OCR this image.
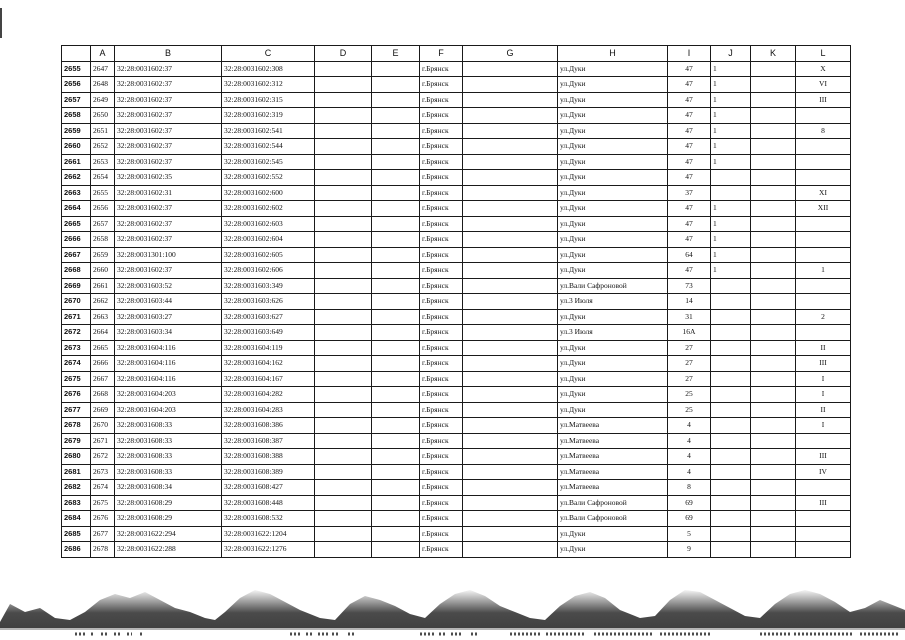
	A	B	C	D	E	F	G	H	I	J	K	L
2655	2647	32:28:0031602:37	32:28:0031602:308			г.Брянск		ул.Дуки	47	1		X
2656	2648	32:28:0031602:37	32:28:0031602:312			г.Брянск		ул.Дуки	47	1		VI
2657	2649	32:28:0031602:37	32:28:0031602:315			г.Брянск		ул.Дуки	47	1		III
2658	2650	32:28:0031602:37	32:28:0031602:319			г.Брянск		ул.Дуки	47	1		
2659	2651	32:28:0031602:37	32:28:0031602:541			г.Брянск		ул.Дуки	47	1		8
2660	2652	32:28:0031602:37	32:28:0031602:544			г.Брянск		ул.Дуки	47	1		
2661	2653	32:28:0031602:37	32:28:0031602:545			г.Брянск		ул.Дуки	47	1		
2662	2654	32:28:0031602:35	32:28:0031602:552			г.Брянск		ул.Дуки	47			
2663	2655	32:28:0031602:31	32:28:0031602:600			г.Брянск		ул.Дуки	37			XI
2664	2656	32:28:0031602:37	32:28:0031602:602			г.Брянск		ул.Дуки	47	1		XII
2665	2657	32:28:0031602:37	32:28:0031602:603			г.Брянск		ул.Дуки	47	1		
2666	2658	32:28:0031602:37	32:28:0031602:604			г.Брянск		ул.Дуки	47	1		
2667	2659	32:28:0031301:100	32:28:0031602:605			г.Брянск		ул.Дуки	64	1		
2668	2660	32:28:0031602:37	32:28:0031602:606			г.Брянск		ул.Дуки	47	1		1
2669	2661	32:28:0031603:52	32:28:0031603:349			г.Брянск		ул.Вали Сафроновой	73			
2670	2662	32:28:0031603:44	32:28:0031603:626			г.Брянск		ул.3 Июля	14			
2671	2663	32:28:0031603:27	32:28:0031603:627			г.Брянск		ул.Дуки	31			2
2672	2664	32:28:0031603:34	32:28:0031603:649			г.Брянск		ул.3 Июля	16А			
2673	2665	32:28:0031604:116	32:28:0031604:119			г.Брянск		ул.Дуки	27			II
2674	2666	32:28:0031604:116	32:28:0031604:162			г.Брянск		ул.Дуки	27			III
2675	2667	32:28:0031604:116	32:28:0031604:167			г.Брянск		ул.Дуки	27			I
2676	2668	32:28:0031604:203	32:28:0031604:282			г.Брянск		ул.Дуки	25			I
2677	2669	32:28:0031604:203	32:28:0031604:283			г.Брянск		ул.Дуки	25			II
2678	2670	32:28:0031608:33	32:28:0031608:386			г.Брянск		ул.Матвеева	4			I
2679	2671	32:28:0031608:33	32:28:0031608:387			г.Брянск		ул.Матвеева	4			
2680	2672	32:28:0031608:33	32:28:0031608:388			г.Брянск		ул.Матвеева	4			III
2681	2673	32:28:0031608:33	32:28:0031608:389			г.Брянск		ул.Матвеева	4			IV
2682	2674	32:28:0031608:34	32:28:0031608:427			г.Брянск		ул.Матвеева	8			
2683	2675	32:28:0031608:29	32:28:0031608:448			г.Брянск		ул.Вали Сафроновой	69			III
2684	2676	32:28:0031608:29	32:28:0031608:532			г.Брянск		ул.Вали Сафроновой	69			
2685	2677	32:28:0031622:294	32:28:0031622:1204			г.Брянск		ул.Дуки	5			
2686	2678	32:28:0031622:288	32:28:0031622:1276			г.Брянск		ул.Дуки	9			
